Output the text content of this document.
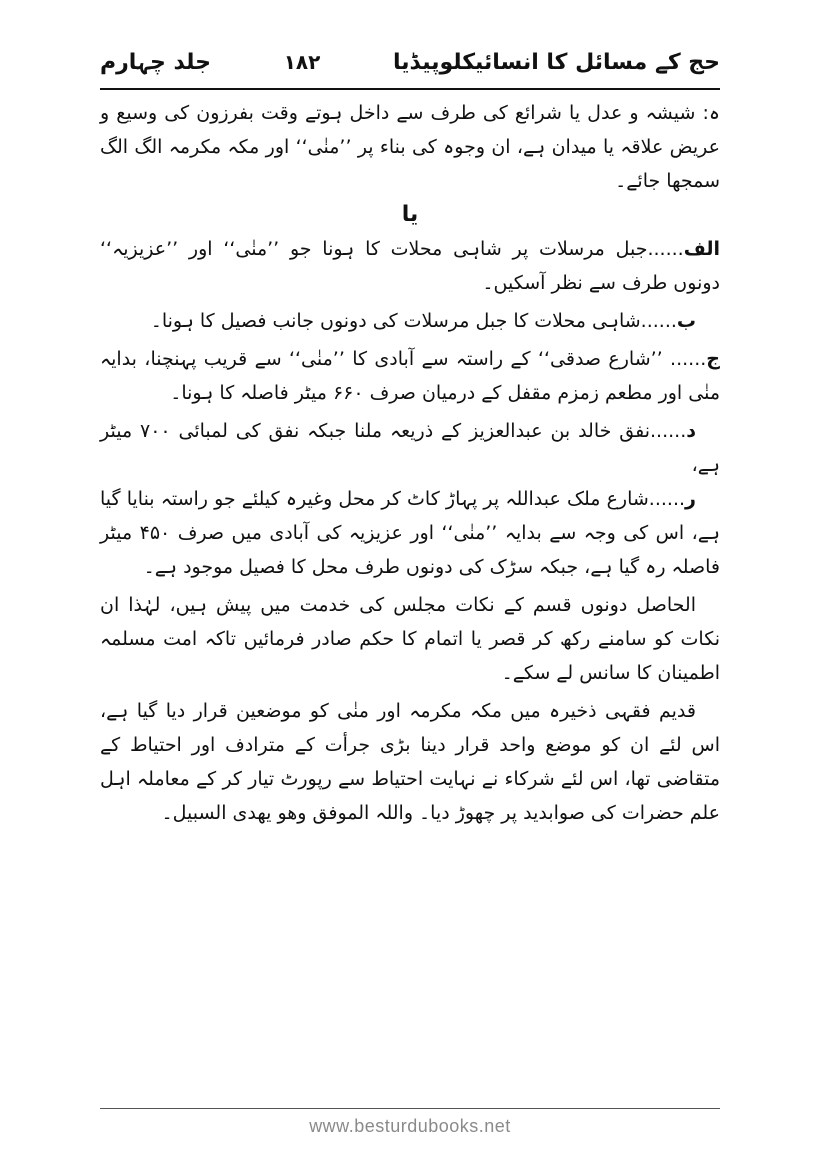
حج کے مسائل کا انسائیکلوپیڈیا
۱۸۲
جلد چہارم

ہ: شیشہ و عدل یا شرائع کی طرف سے داخل ہوتے وقت بفرزون کی وسیع و عریض علاقہ یا میدان ہے، ان وجوہ کی بناء پر ’’منٰی‘‘ اور مکہ مکرمہ الگ الگ سمجھا جائے۔

یا

الف......جبل مرسلات پر شاہی محلات کا ہونا جو ’’منٰی‘‘ اور ’’عزیزیہ‘‘ دونوں طرف سے نظر آسکیں۔

ب......شاہی محلات کا جبل مرسلات کی دونوں جانب فصیل کا ہونا۔

ج...... ’’شارع صدقی‘‘ کے راستہ سے آبادی کا ’’منٰی‘‘ سے قریب پہنچنا، بدایہ منٰی اور مطعم زمزم مقفل کے درمیان صرف ۶۶۰ میٹر فاصلہ کا ہونا۔

د......نفق خالد بن عبدالعزیز کے ذریعہ ملنا جبکہ نفق کی لمبائی ۷۰۰ میٹر ہے،

ر......شارع ملک عبداللہ پر پہاڑ کاٹ کر محل وغیرہ کیلئے جو راستہ بنایا گیا ہے، اس کی وجہ سے بدایہ ’’منٰی‘‘ اور عزیزیہ کی آبادی میں صرف ۴۵۰ میٹر فاصلہ رہ گیا ہے، جبکہ سڑک کی دونوں طرف محل کا فصیل موجود ہے۔

الحاصل دونوں قسم کے نکات مجلس کی خدمت میں پیش ہیں، لہٰذا ان نکات کو سامنے رکھ کر قصر یا اتمام کا حکم صادر فرمائیں تاکہ امت مسلمہ اطمینان کا سانس لے سکے۔

قدیم فقہی ذخیرہ میں مکہ مکرمہ اور منٰی کو موضعین قرار دیا گیا ہے، اس لئے ان کو موضع واحد قرار دینا بڑی جرأت کے مترادف اور احتیاط کے متقاضی تھا، اس لئے شرکاء نے نہایت احتیاط سے رپورٹ تیار کر کے معاملہ اہل علم حضرات کی صوابدید پر چھوڑ دیا۔ واللہ الموفق وھو یھدی السبیل۔

www.besturdubooks.net
